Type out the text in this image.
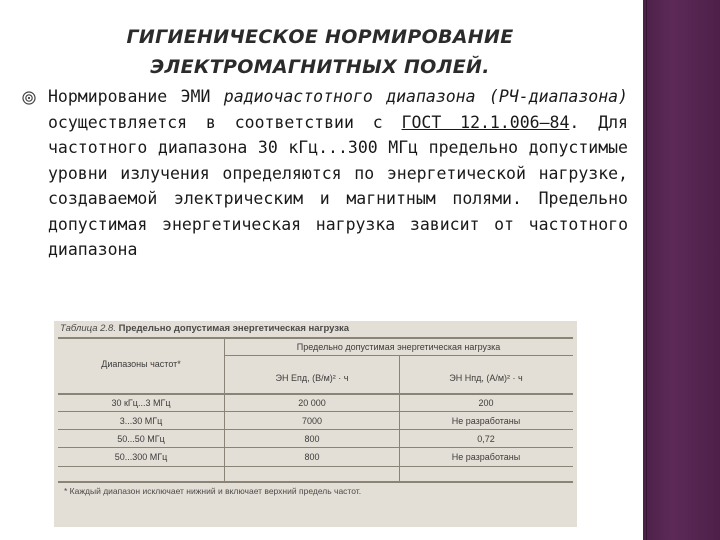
ГИГИЕНИЧЕСКОЕ НОРМИРОВАНИЕ
ЭЛЕКТРОМАГНИТНЫХ ПОЛЕЙ.
Нормирование ЭМИ радиочастотного диапазона (РЧ-диапазона) осуществляется в соответствии с ГОСТ 12.1.006—84. Для частотного диапазона 30 кГц...300 МГц предельно допустимые уровни излучения определяются по энергетической нагрузке, создаваемой электрическим и магнитным полями. Предельно допустимая энергетическая нагрузка зависит от частотного диапазона
Таблица 2.8. Предельно допустимая энергетическая нагрузка
Диапазоны частот*
Предельно допустимая энергетическая нагрузка
ЭН Eпд, (В/м)² · ч	ЭН Hпд, (А/м)² · ч
30 кГц...3 МГц	20 000	200
3...30 МГц	7000	Не разработаны
50...50 МГц	800	0,72
50...300 МГц	800	Не разработаны
* Каждый диапазон исключает нижний и включает верхний предель частот.
